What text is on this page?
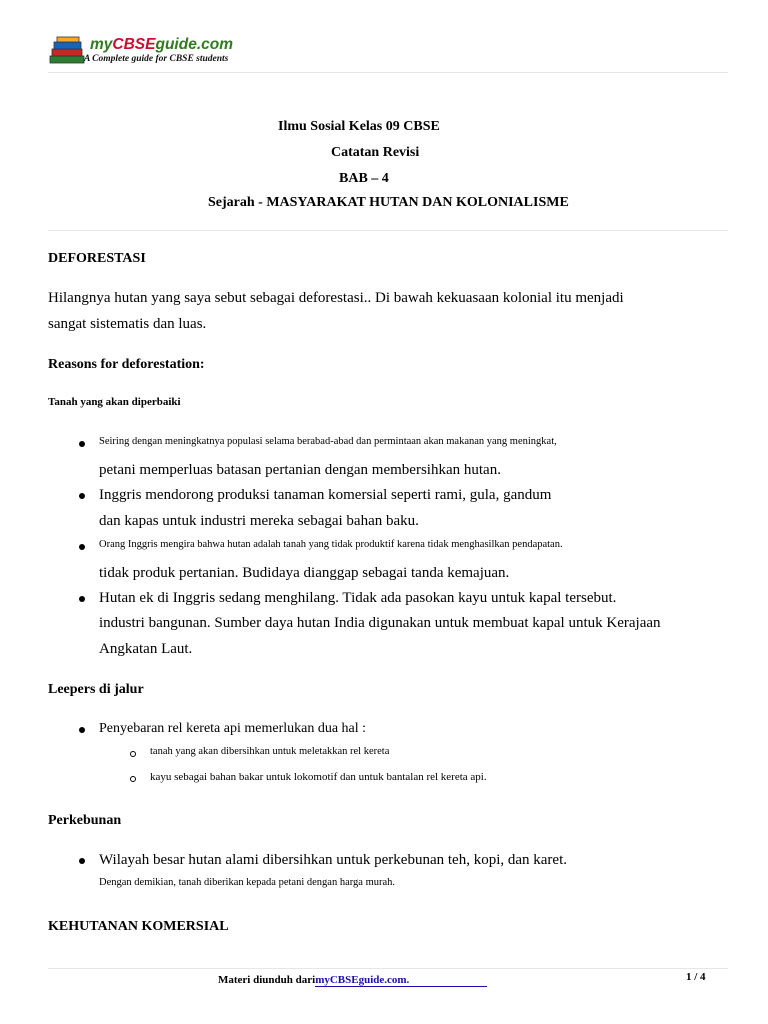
myCBSEguide.com
A Complete guide for CBSE students
Ilmu Sosial Kelas 09 CBSE
Catatan Revisi
BAB – 4
Sejarah - MASYARAKAT HUTAN DAN KOLONIALISME
DEFORESTASI
Hilangnya hutan yang saya sebut sebagai deforestasi.. Di bawah kekuasaan kolonial itu menjadi
sangat sistematis dan luas.
Reasons for deforestation:
Tanah yang akan diperbaiki
Seiring dengan meningkatnya populasi selama berabad-abad dan permintaan akan makanan yang meningkat,
petani memperluas batasan pertanian dengan membersihkan hutan.
Inggris mendorong produksi tanaman komersial seperti rami, gula, gandum
dan kapas untuk industri mereka sebagai bahan baku.
Orang Inggris mengira bahwa hutan adalah tanah yang tidak produktif karena tidak menghasilkan pendapatan.
tidak produk pertanian. Budidaya dianggap sebagai tanda kemajuan.
Hutan ek di Inggris sedang menghilang. Tidak ada pasokan kayu untuk kapal tersebut.
industri bangunan. Sumber daya hutan India digunakan untuk membuat kapal untuk Kerajaan
Angkatan Laut.
Leepers di jalur
Penyebaran rel kereta api memerlukan dua hal :
tanah yang akan dibersihkan untuk meletakkan rel kereta
kayu sebagai bahan bakar untuk lokomotif dan untuk bantalan rel kereta api.
Perkebunan
Wilayah besar hutan alami dibersihkan untuk perkebunan teh, kopi, dan karet.
Dengan demikian, tanah diberikan kepada petani dengan harga murah.
KEHUTANAN KOMERSIAL
Materi diunduh darimyCBSEguide.com.	1 / 4
